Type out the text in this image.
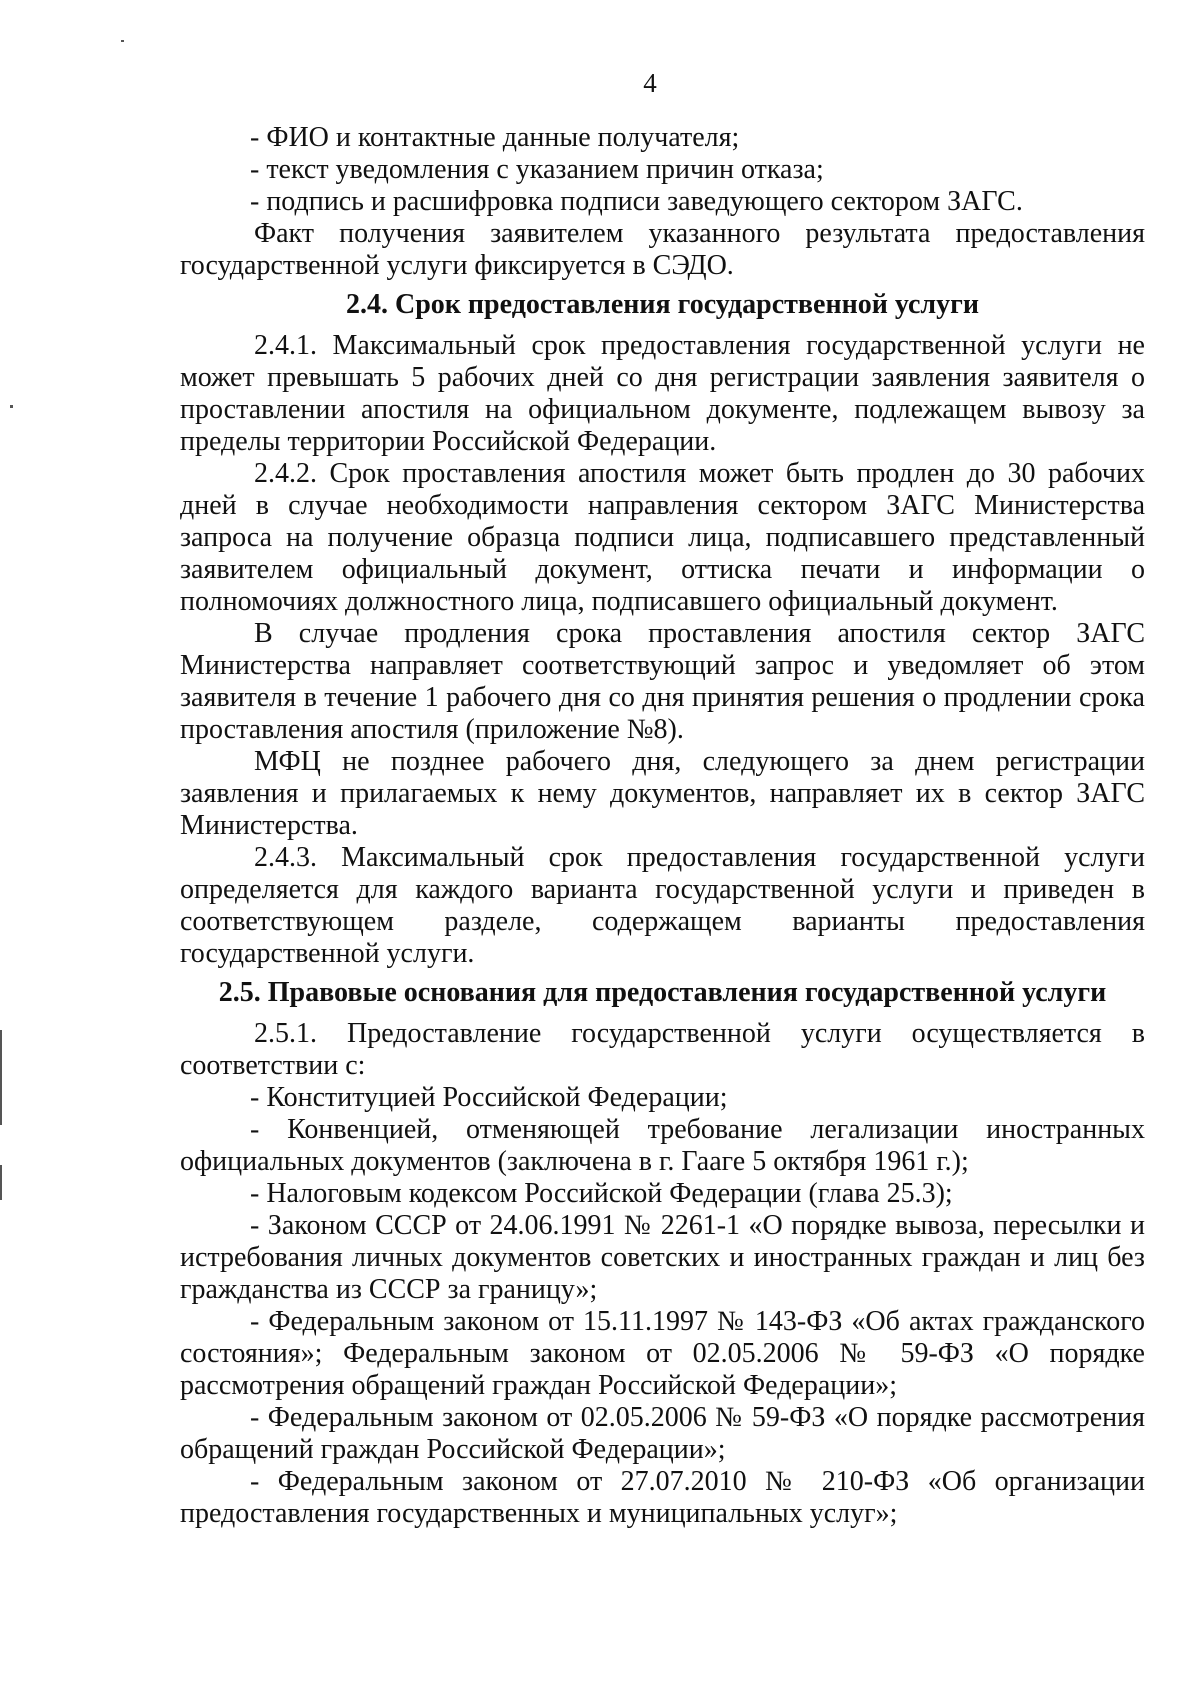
4

- ФИО и контактные данные получателя;

- текст уведомления с указанием причин отказа;

- подпись и расшифровка подписи заведующего сектором ЗАГС.

Факт получения заявителем указанного результата предоставления государственной услуги фиксируется в СЭДО.

2.4. Срок предоставления государственной услуги

2.4.1. Максимальный срок предоставления государственной услуги не может превышать 5 рабочих дней со дня регистрации заявления заявителя о проставлении апостиля на официальном документе, подлежащем вывозу за пределы территории Российской Федерации.

2.4.2. Срок проставления апостиля может быть продлен до 30 рабочих дней в случае необходимости направления сектором ЗАГС Министерства запроса на получение образца подписи лица, подписавшего представленный заявителем официальный документ, оттиска печати и информации о полномочиях должностного лица, подписавшего официальный документ.

В случае продления срока проставления апостиля сектор ЗАГС Министерства направляет соответствующий запрос и уведомляет об этом заявителя в течение 1 рабочего дня со дня принятия решения о продлении срока проставления апостиля (приложение №8).

МФЦ не позднее рабочего дня, следующего за днем регистрации заявления и прилагаемых к нему документов, направляет их в сектор ЗАГС Министерства.

2.4.3. Максимальный срок предоставления государственной услуги определяется для каждого варианта государственной услуги и приведен в соответствующем разделе, содержащем варианты предоставления государственной услуги.

2.5. Правовые основания для предоставления государственной услуги

2.5.1. Предоставление государственной услуги осуществляется в соответствии с:

- Конституцией Российской Федерации;

- Конвенцией, отменяющей требование легализации иностранных официальных документов (заключена в г. Гааге 5 октября 1961 г.);

- Налоговым кодексом Российской Федерации (глава 25.3);

- Законом СССР от 24.06.1991 № 2261-1 «О порядке вывоза, пересылки и истребования личных документов советских и иностранных граждан и лиц без гражданства из СССР за границу»;

- Федеральным законом от 15.11.1997 № 143-ФЗ «Об актах гражданского состояния»; Федеральным законом от 02.05.2006 № 59-ФЗ «О порядке рассмотрения обращений граждан Российской Федерации»;

- Федеральным законом от 02.05.2006 № 59-ФЗ «О порядке рассмотрения обращений граждан Российской Федерации»;

- Федеральным законом от 27.07.2010 № 210-ФЗ «Об организации предоставления государственных и муниципальных услуг»;
